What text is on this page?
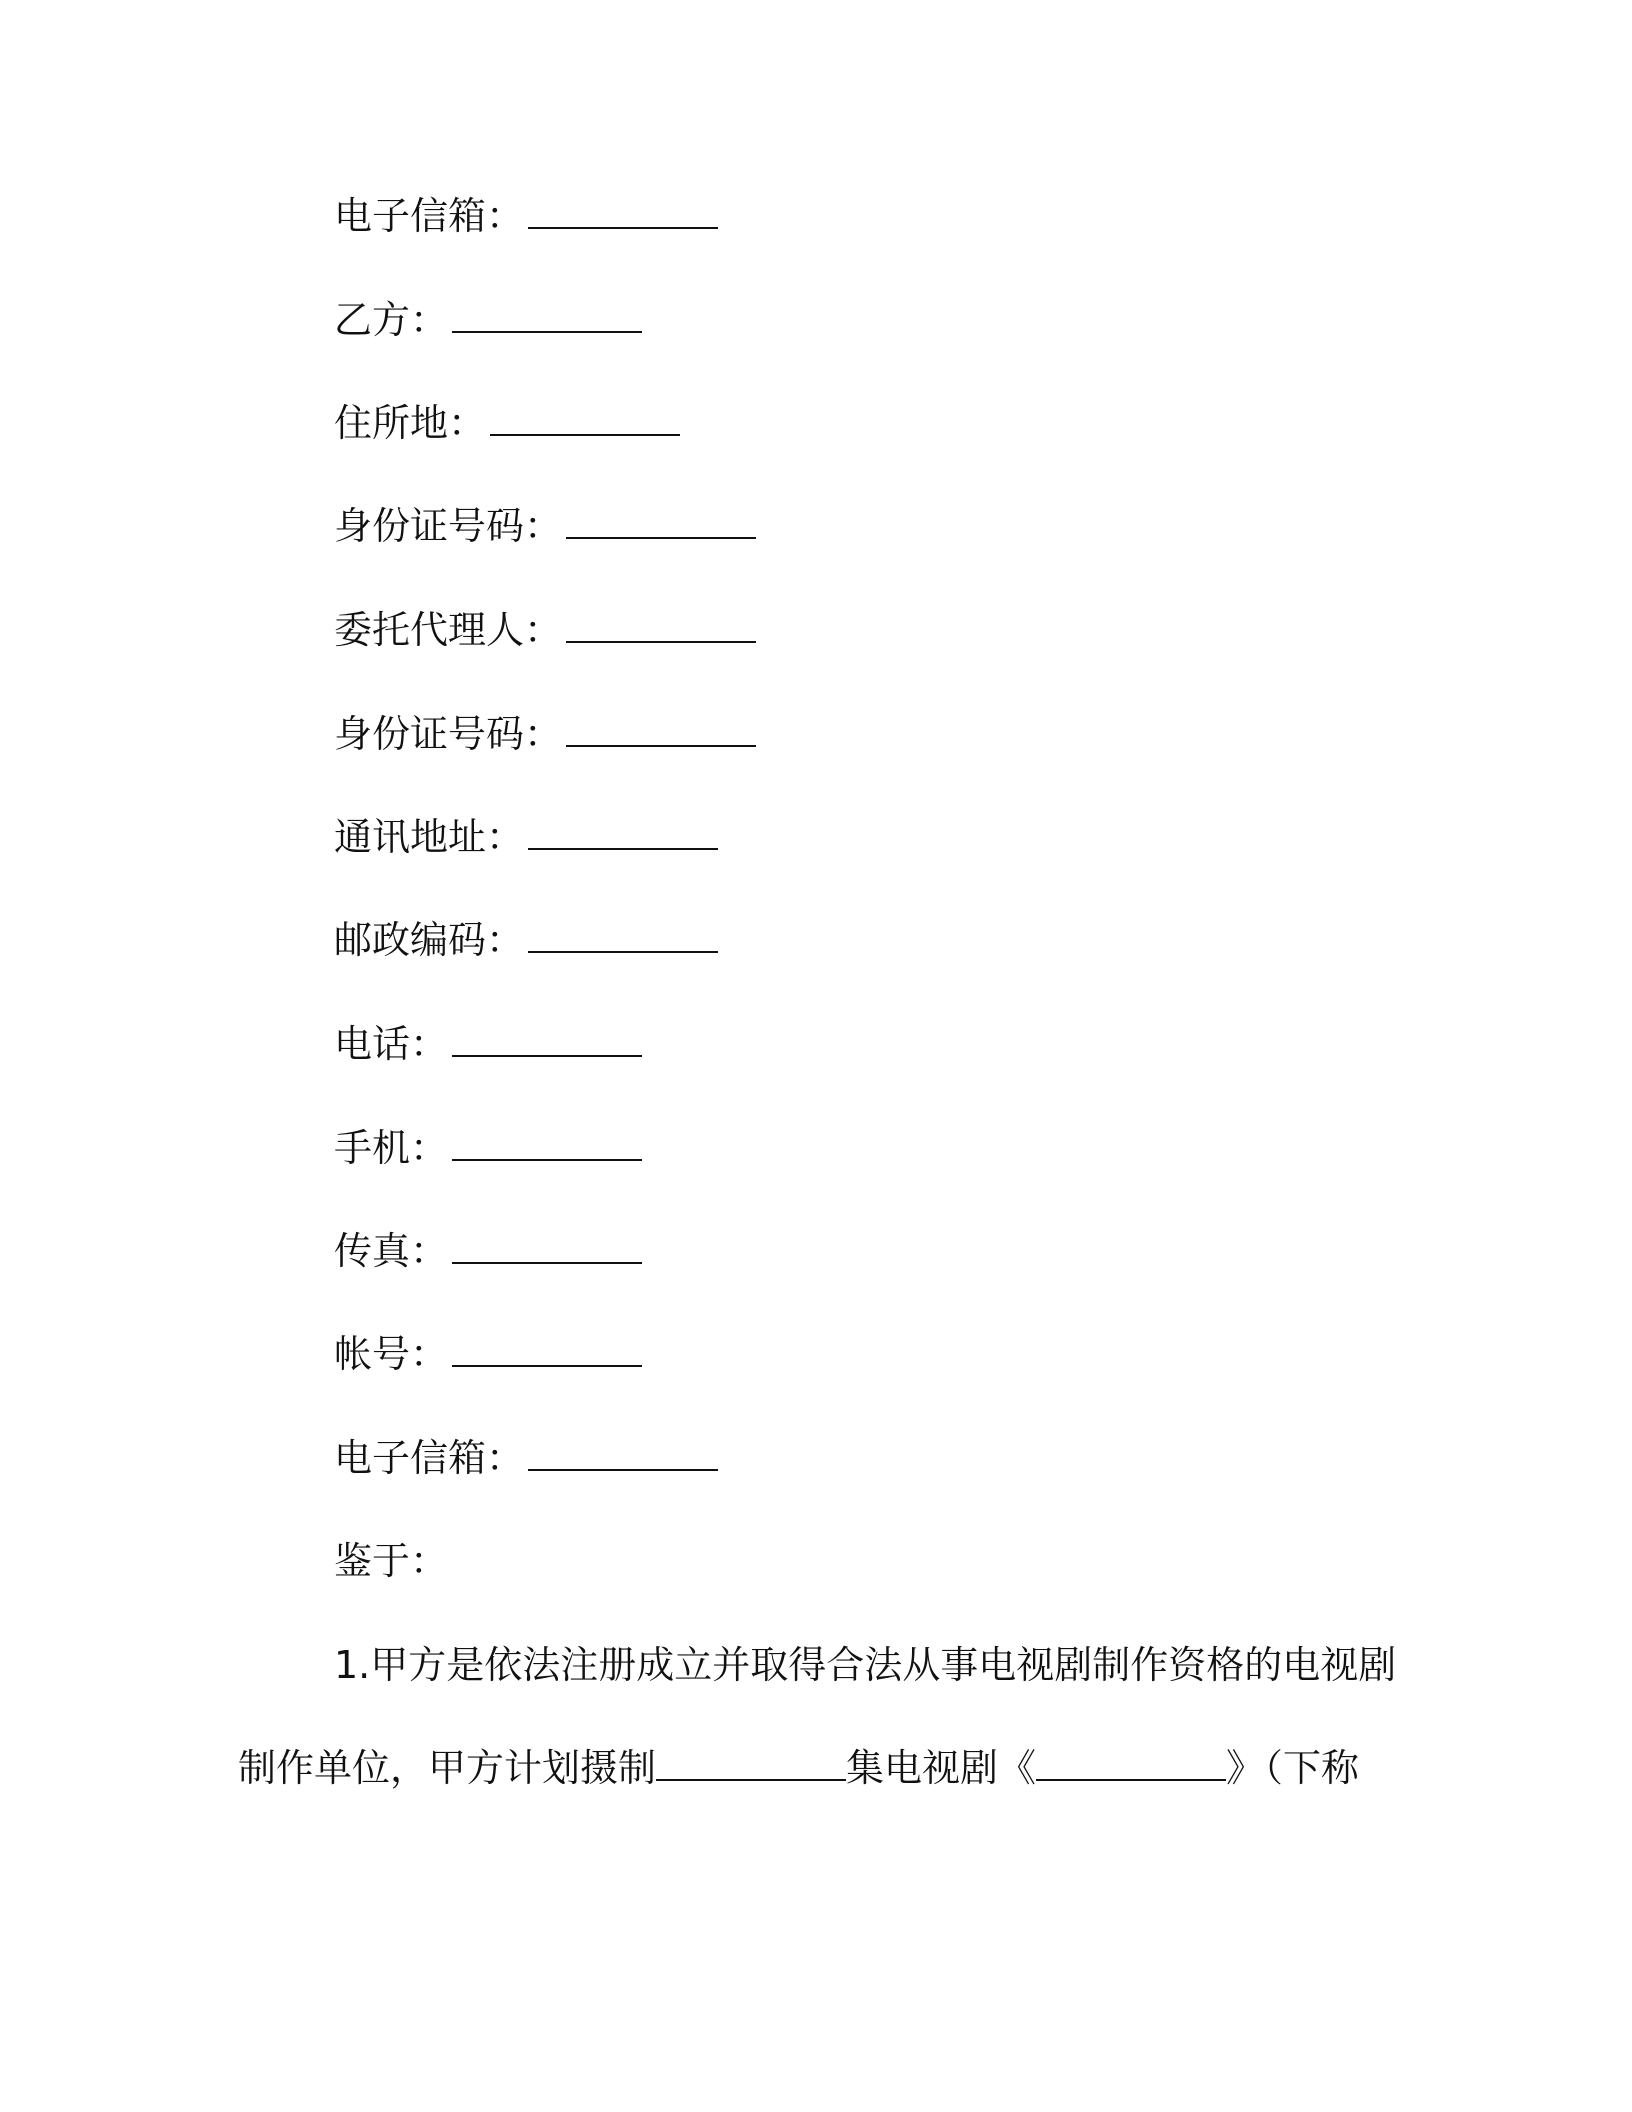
电子信箱：
乙方：
住所地：
身份证号码：
委托代理人：
身份证号码：
通讯地址：
邮政编码：
电话：
手机：
传真：
帐号：
电子信箱：
鉴于：
1.甲方是依法注册成立并取得合法从事电视剧制作资格的电视剧
制作单位，甲方计划摄制	集电视剧《	》（下称
